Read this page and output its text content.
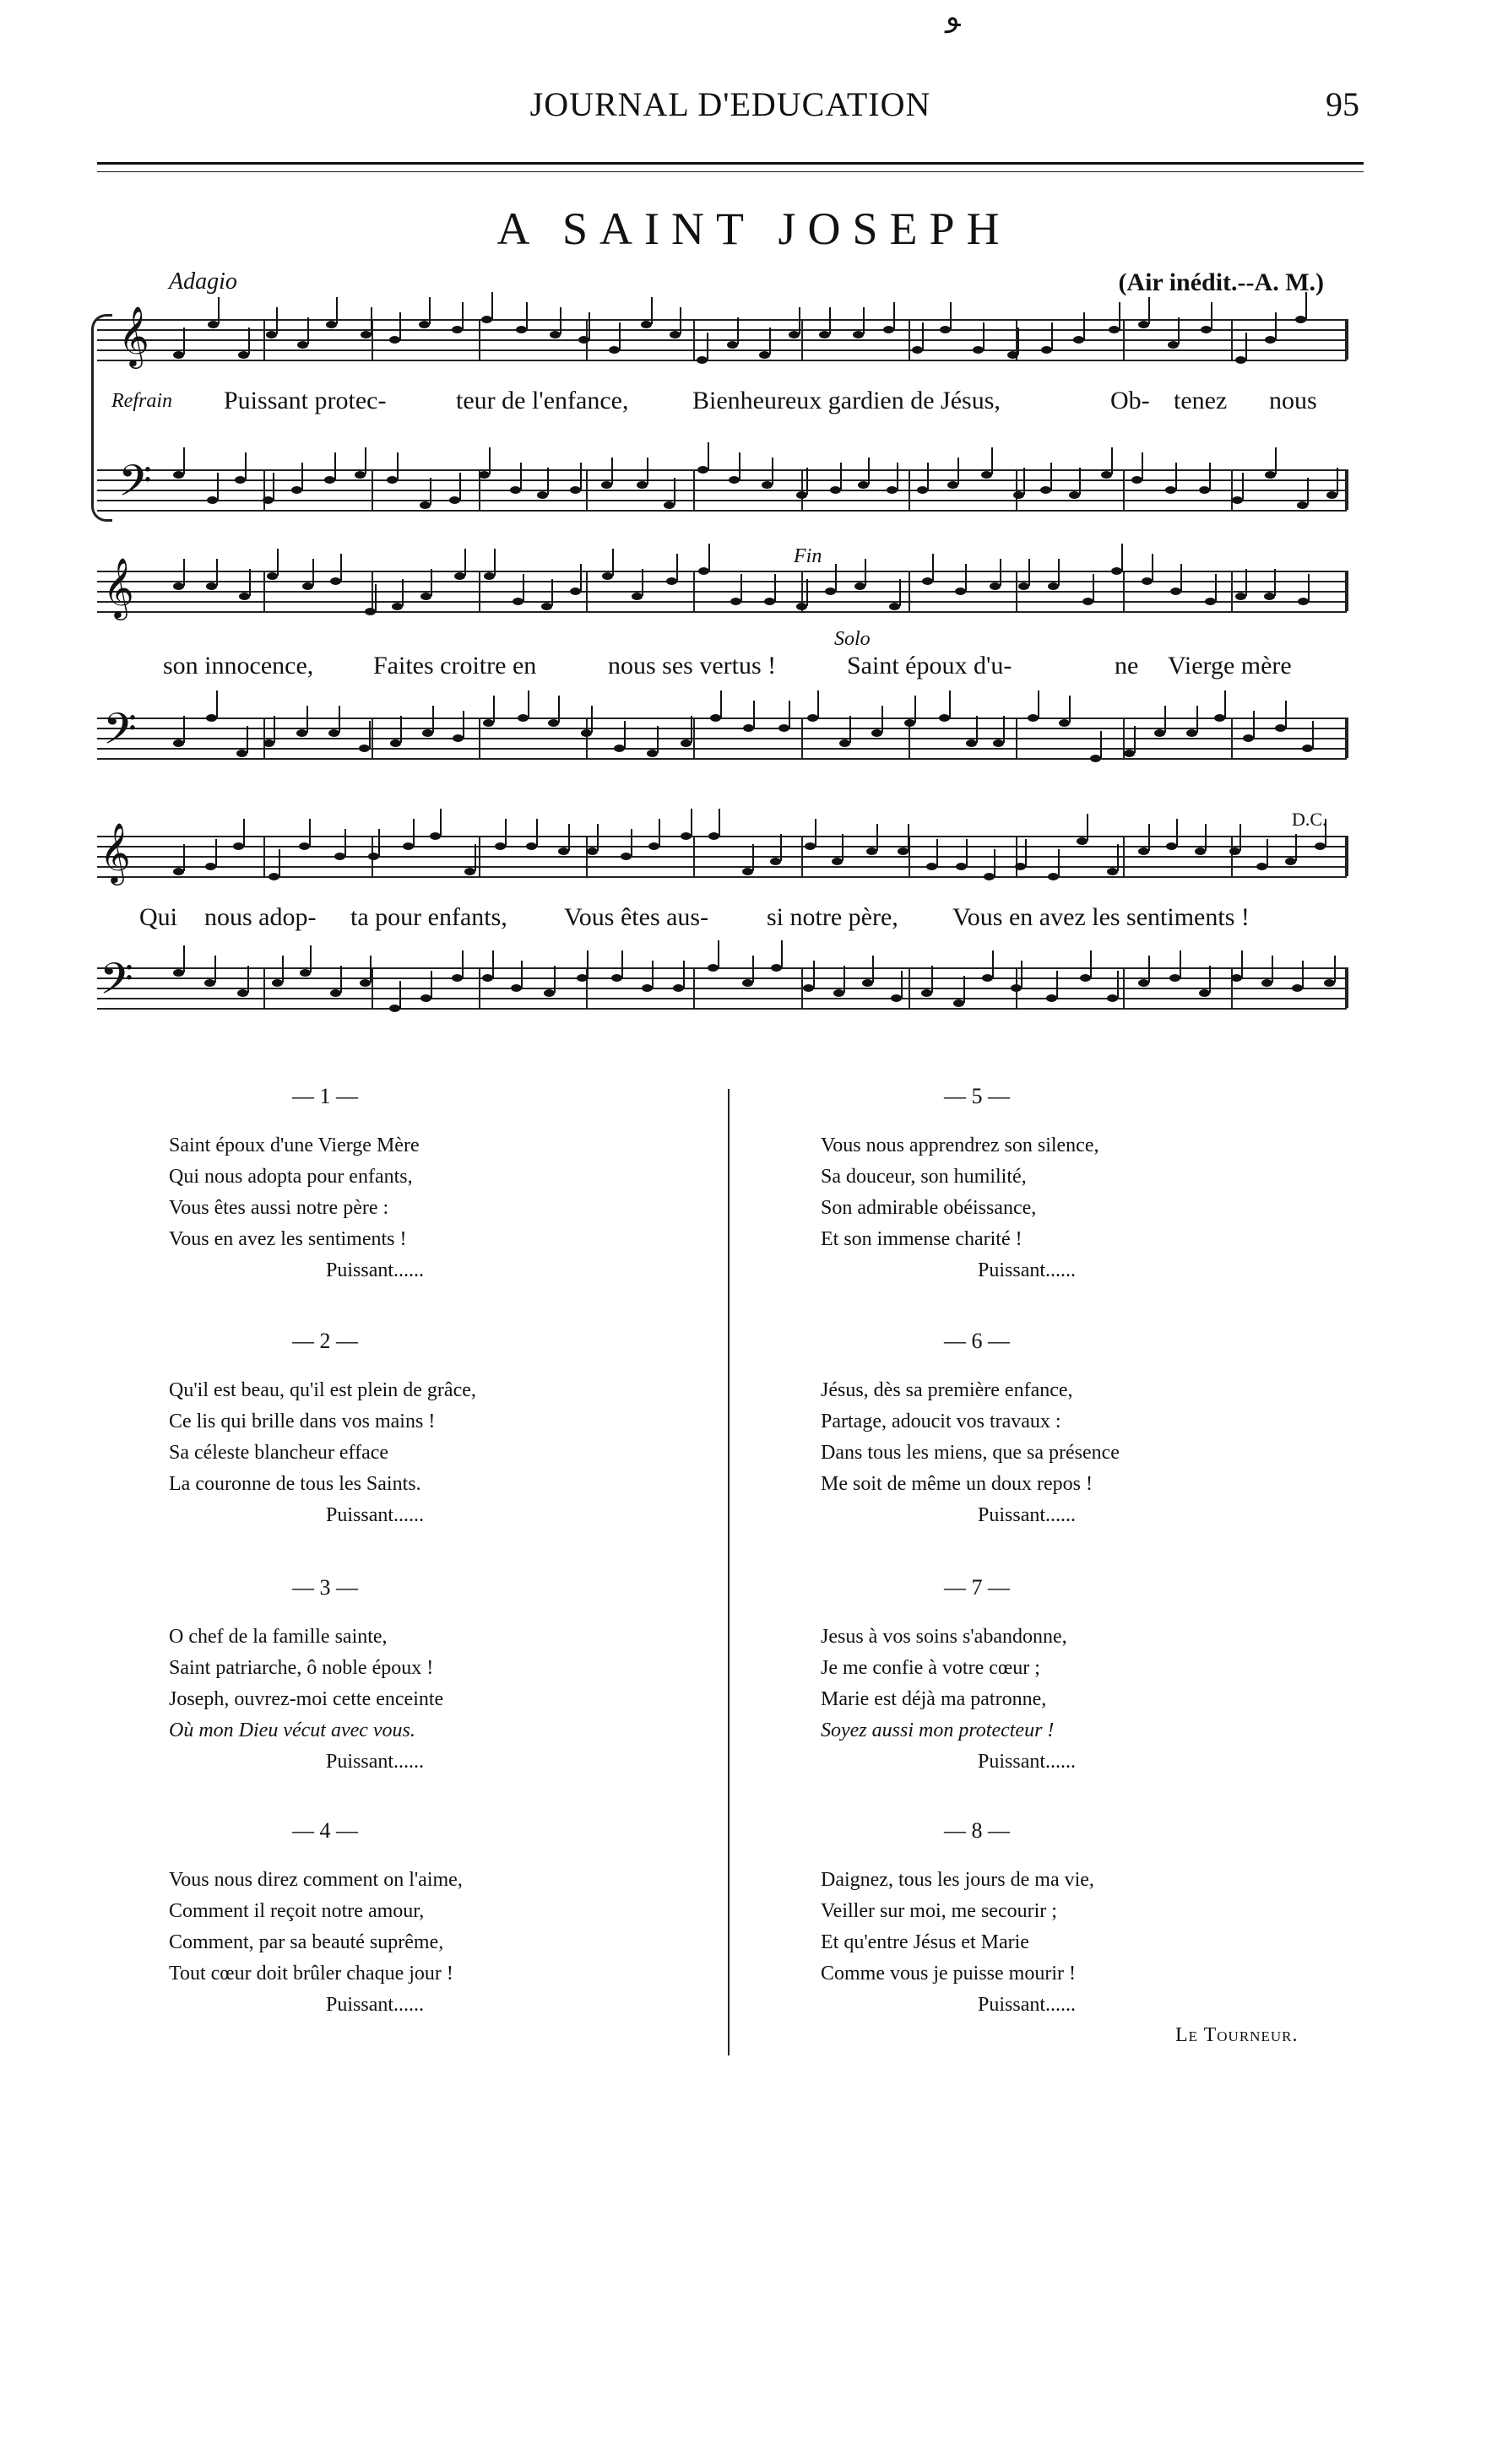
ﻮ
JOURNAL D'EDUCATION	95
A SAINT JOSEPH
Adagio	(Air inédit.--A. M.)
𝄞
Refrain Puissant protec-	teur de l'enfance,	Bienheureux gardien de Jésus,	Ob- tenez nous
𝄢
𝄞	Fin
Solo
son innocence, Faites croitre en	nous ses vertus !	Saint époux d'u-	ne Vierge mère
𝄢
𝄞
D.C.
Qui nous adop- ta pour enfants, Vous êtes aus- si notre père, Vous en avez les sentiments !
𝄢
— 1 —
Saint époux d'une Vierge Mère
Qui nous adopta pour enfants,
Vous êtes aussi notre père :
Vous en avez les sentiments !
Puissant......
— 2 —
Qu'il est beau, qu'il est plein de grâce,
Ce lis qui brille dans vos mains !
Sa céleste blancheur efface
La couronne de tous les Saints.
Puissant......
— 3 —
O chef de la famille sainte,
Saint patriarche, ô noble époux !
Joseph, ouvrez-moi cette enceinte
Où mon Dieu vécut avec vous.
Puissant......
— 4 —
Vous nous direz comment on l'aime,
Comment il reçoit notre amour,
Comment, par sa beauté suprême,
Tout cœur doit brûler chaque jour !
Puissant......
— 5 —
Vous nous apprendrez son silence,
Sa douceur, son humilité,
Son admirable obéissance,
Et son immense charité !
Puissant......
— 6 —
Jésus, dès sa première enfance,
Partage, adoucit vos travaux :
Dans tous les miens, que sa présence
Me soit de même un doux repos !
Puissant......
— 7 —
Jesus à vos soins s'abandonne,
Je me confie à votre cœur ;
Marie est déjà ma patronne,
Soyez aussi mon protecteur !
Puissant......
— 8 —
Daignez, tous les jours de ma vie,
Veiller sur moi, me secourir ;
Et qu'entre Jésus et Marie
Comme vous je puisse mourir !
Puissant......
Le Tourneur.
